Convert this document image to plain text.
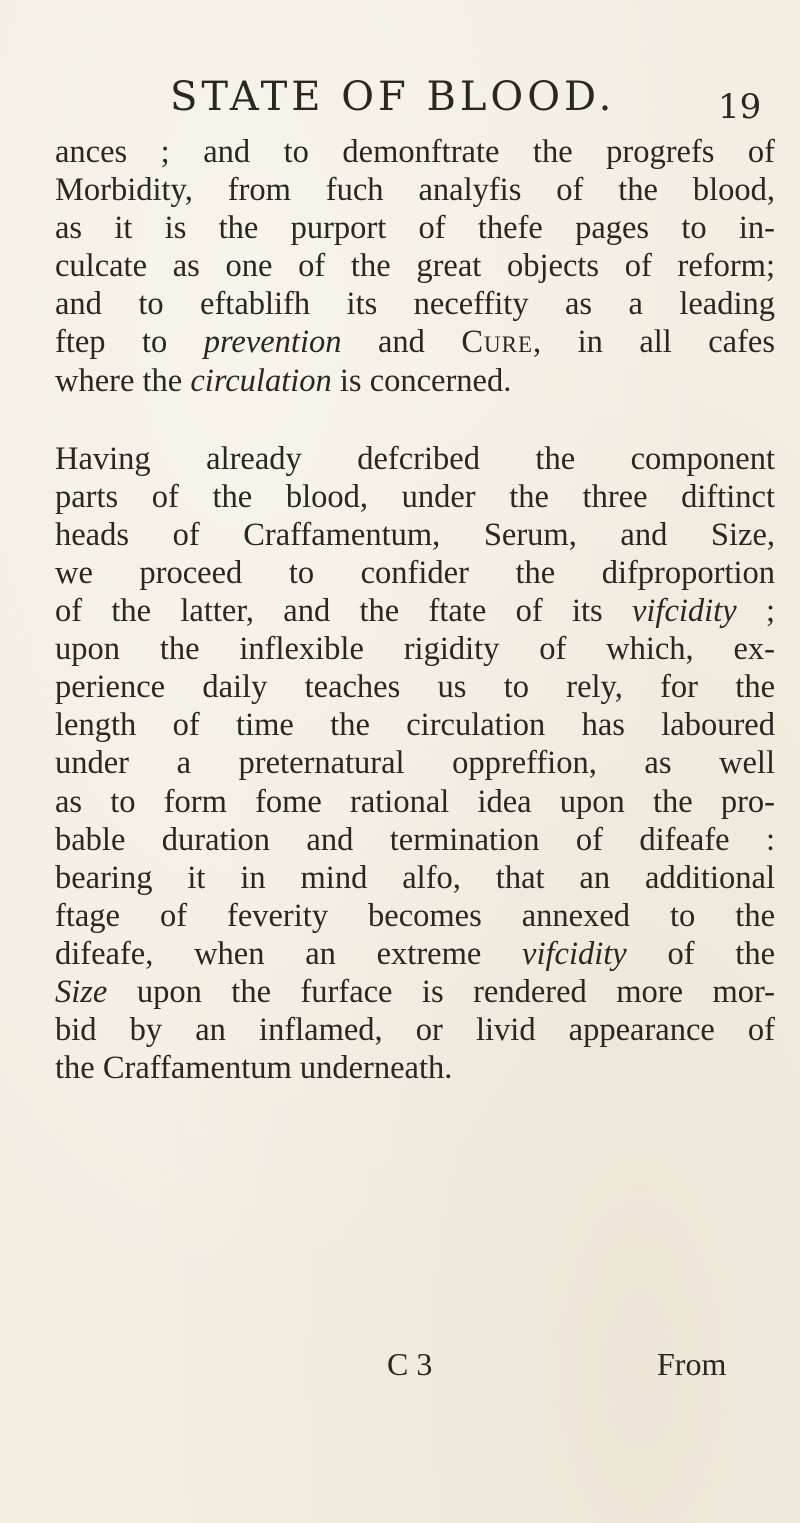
STATE OF BLOOD.	19
ances ; and to demonftrate the progrefs of
Morbidity, from fuch analyfis of the blood,
as it is the purport of thefe pages to in-
culcate as one of the great objects of reform;
and to eftablifh its neceffity as a leading
ftep to prevention and Cure, in all cafes
where the circulation is concerned.
Having already defcribed the component
parts of the blood, under the three diftinct
heads of Craffamentum, Serum, and Size,
we proceed to confider the difproportion
of the latter, and the ftate of its vifcidity ;
upon the inflexible rigidity of which, ex-
perience daily teaches us to rely, for the
length of time the circulation has laboured
under a preternatural oppreffion, as well
as to form fome rational idea upon the pro-
bable duration and termination of difeafe :
bearing it in mind alfo, that an additional
ftage of feverity becomes annexed to the
difeafe, when an extreme vifcidity of the
Size upon the furface is rendered more mor-
bid by an inflamed, or livid appearance of
the Craffamentum underneath.
C 3	From
